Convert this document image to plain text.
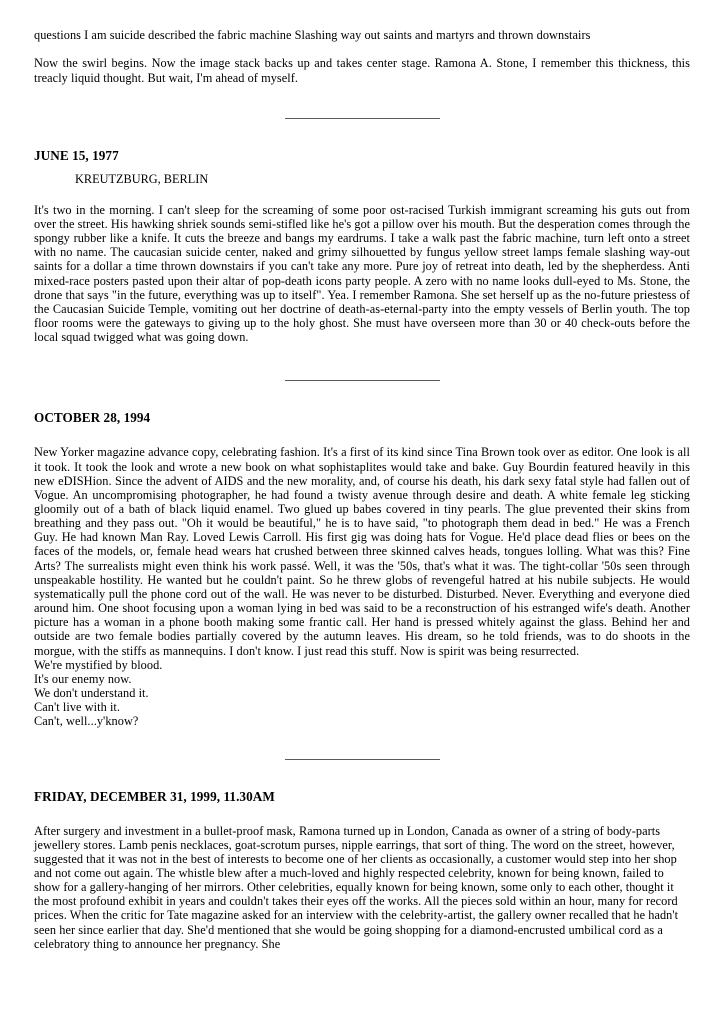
questions I am suicide described the fabric machine Slashing way out saints and martyrs and thrown downstairs

Now the swirl begins. Now the image stack backs up and takes center stage. Ramona A. Stone, I remember this thickness, this treacly liquid thought. But wait, I'm ahead of myself.

JUNE 15, 1977

KREUTZBURG, BERLIN

It's two in the morning. I can't sleep for the screaming of some poor ost-racised Turkish immigrant screaming his guts out from over the street. His hawking shriek sounds semi-stifled like he's got a pillow over his mouth. But the desperation comes through the spongy rubber like a knife. It cuts the breeze and bangs my eardrums. I take a walk past the fabric machine, turn left onto a street with no name. The caucasian suicide center, naked and grimy silhouetted by fungus yellow street lamps female slashing way-out saints for a dollar a time thrown downstairs if you can't take any more. Pure joy of retreat into death, led by the shepherdess. Anti mixed-race posters pasted upon their altar of pop-death icons party people. A zero with no name looks dull-eyed to Ms. Stone, the drone that says "in the future, everything was up to itself". Yea. I remember Ramona. She set herself up as the no-future priestess of the Caucasian Suicide Temple, vomiting out her doctrine of death-as-eternal-party into the empty vessels of Berlin youth. The top floor rooms were the gateways to giving up to the holy ghost. She must have overseen more than 30 or 40 check-outs before the local squad twigged what was going down.

OCTOBER 28, 1994

New Yorker magazine advance copy, celebrating fashion. It's a first of its kind since Tina Brown took over as editor. One look is all it took. It took the look and wrote a new book on what sophistaplites would take and bake. Guy Bourdin featured heavily in this new eDISHion. Since the advent of AIDS and the new morality, and, of course his death, his dark sexy fatal style had fallen out of Vogue. An uncompromising photographer, he had found a twisty avenue through desire and death. A white female leg sticking gloomily out of a bath of black liquid enamel. Two glued up babes covered in tiny pearls. The glue prevented their skins from breathing and they pass out. "Oh it would be beautiful," he is to have said, "to photograph them dead in bed." He was a French Guy. He had known Man Ray. Loved Lewis Carroll. His first gig was doing hats for Vogue. He'd place dead flies or bees on the faces of the models, or, female head wears hat crushed between three skinned calves heads, tongues lolling. What was this? Fine Arts? The surrealists might even think his work passé. Well, it was the '50s, that's what it was. The tight-collar '50s seen through unspeakable hostility. He wanted but he couldn't paint. So he threw globs of revengeful hatred at his nubile subjects. He would systematically pull the phone cord out of the wall. He was never to be disturbed. Disturbed. Never. Everything and everyone died around him. One shoot focusing upon a woman lying in bed was said to be a reconstruction of his estranged wife's death. Another picture has a woman in a phone booth making some frantic call. Her hand is pressed whitely against the glass. Behind her and outside are two female bodies partially covered by the autumn leaves. His dream, so he told friends, was to do shoots in the morgue, with the stiffs as mannequins. I don't know. I just read this stuff. Now is spirit was being resurrected.
We're mystified by blood.
It's our enemy now.
We don't understand it.
Can't live with it.
Can't, well...y'know?

FRIDAY, DECEMBER 31, 1999, 11.30AM

After surgery and investment in a bullet-proof mask, Ramona turned up in London, Canada as owner of a string of body-parts jewellery stores. Lamb penis necklaces, goat-scrotum purses, nipple earrings, that sort of thing. The word on the street, however, suggested that it was not in the best of interests to become one of her clients as occasionally, a customer would step into her shop and not come out again. The whistle blew after a much-loved and highly respected celebrity, known for being known, failed to show for a gallery-hanging of her mirrors. Other celebrities, equally known for being known, some only to each other, thought it the most profound exhibit in years and couldn't takes their eyes off the works. All the pieces sold within an hour, many for record prices. When the critic for Tate magazine asked for an interview with the celebrity-artist, the gallery owner recalled that he hadn't seen her since earlier that day. She'd mentioned that she would be going shopping for a diamond-encrusted umbilical cord as a celebratory thing to announce her pregnancy. She
